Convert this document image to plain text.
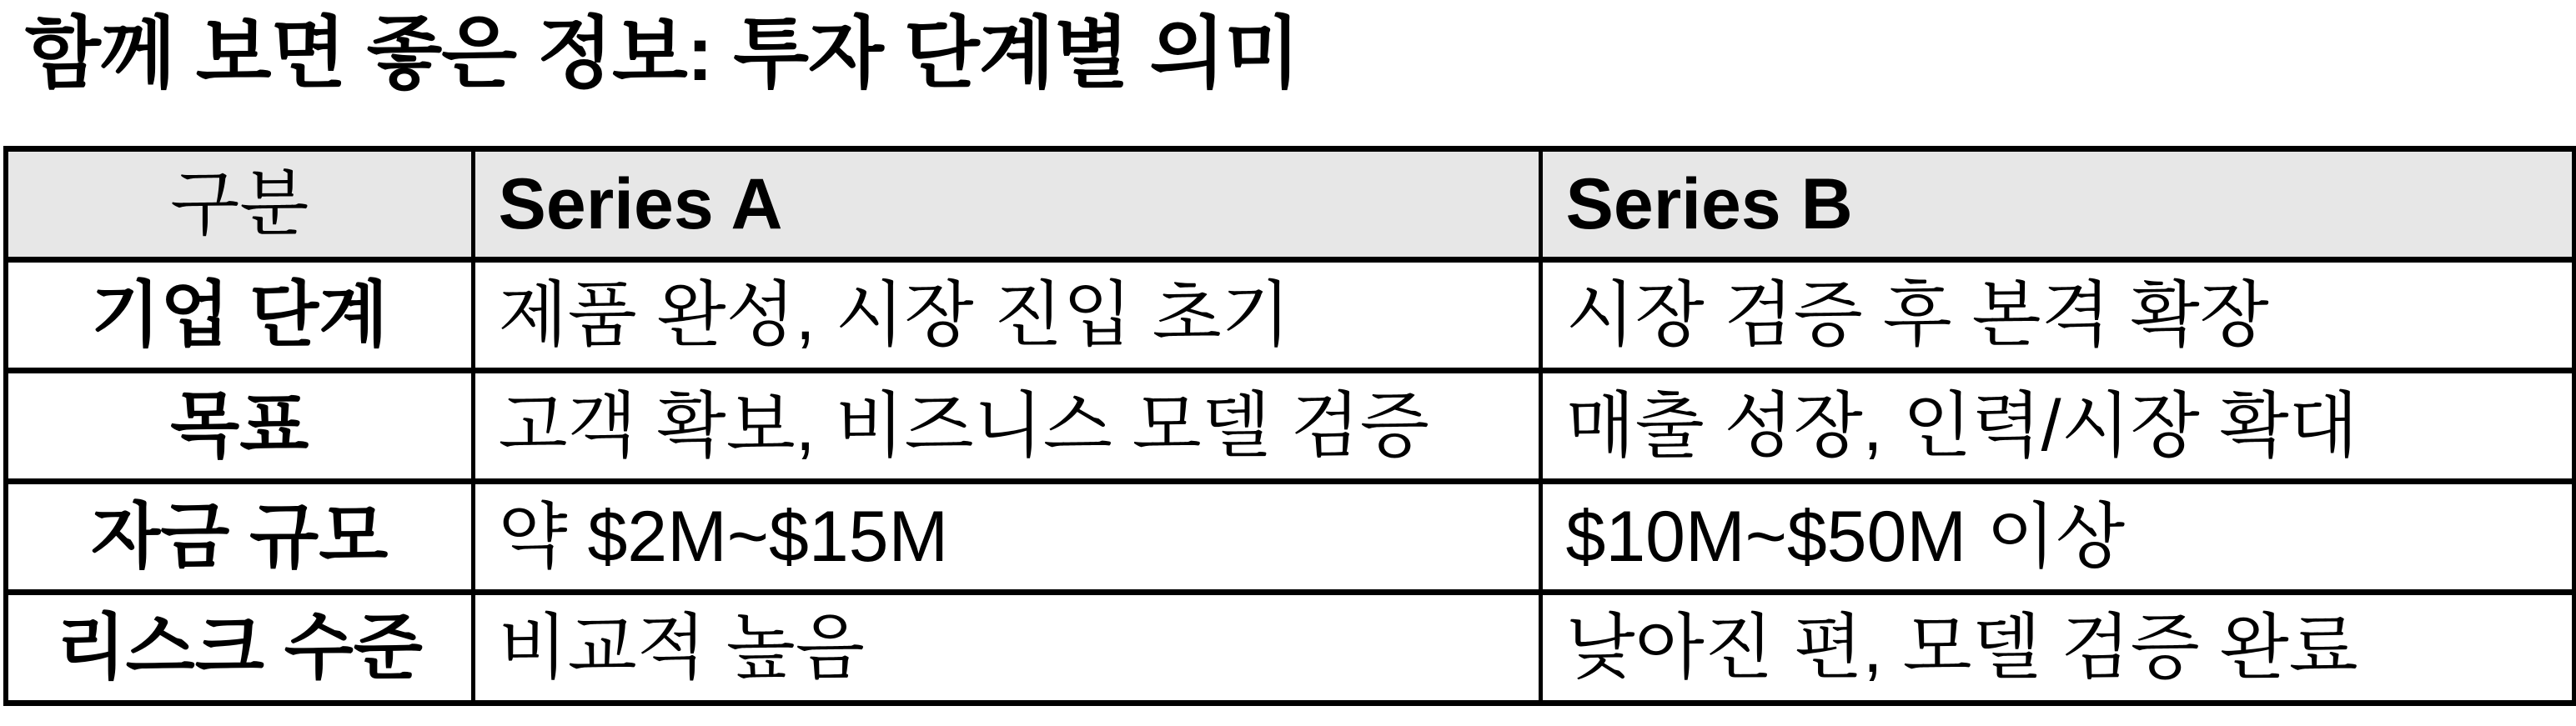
함께 보면 좋은 정보: 투자 단계별 의미
구분	Series A	Series B
기업 단계	제품 완성, 시장 진입 초기	시장 검증 후 본격 확장
목표	고객 확보, 비즈니스 모델 검증	매출 성장, 인력/시장 확대
자금 규모	약 $2M~$15M	$10M~$50M 이상
리스크 수준	비교적 높음	낮아진 편, 모델 검증 완료
